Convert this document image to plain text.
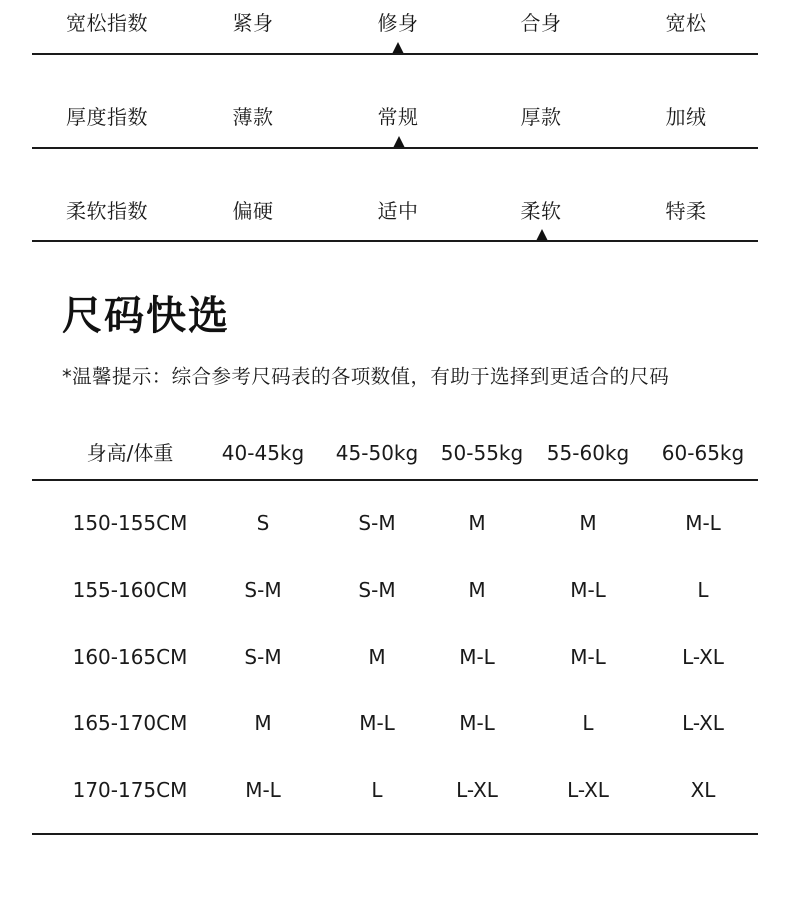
宽松指数	紧身	修身	合身	宽松
厚度指数	薄款	常规	厚款	加绒
柔软指数	偏硬	适中	柔软	特柔
尺码快选
*温馨提示：综合参考尺码表的各项数值，有助于选择到更适合的尺码
身高/体重	40-45kg	45-50kg	50-55kg	55-60kg	60-65kg
150-155CM	S	S-M	M	M	M-L
155-160CM	S-M	S-M	M	M-L	L
160-165CM	S-M	M	M-L	M-L	L-XL
165-170CM	M	M-L	M-L	L	L-XL
170-175CM	M-L	L	L-XL	L-XL	XL
